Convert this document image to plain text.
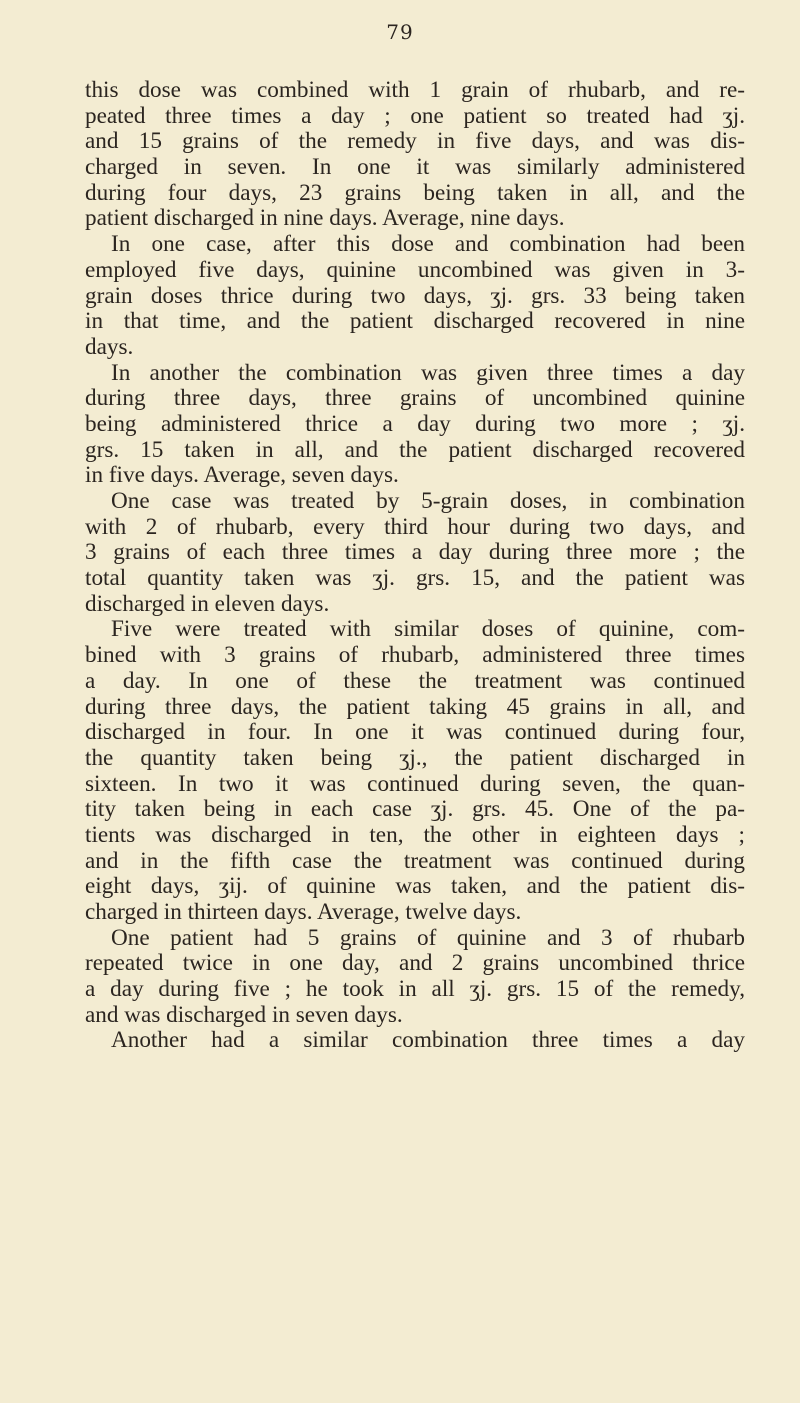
79

this dose was combined with 1 grain of rhubarb, and re-
peated three times a day ; one patient so treated had ʒj.
and 15 grains of the remedy in five days, and was dis-
charged in seven. In one it was similarly administered
during four days, 23 grains being taken in all, and the
patient discharged in nine days. Average, nine days.

In one case, after this dose and combination had been
employed five days, quinine uncombined was given in 3-
grain doses thrice during two days, ʒj. grs. 33 being taken
in that time, and the patient discharged recovered in nine
days.

In another the combination was given three times a day
during three days, three grains of uncombined quinine
being administered thrice a day during two more ; ʒj.
grs. 15 taken in all, and the patient discharged recovered
in five days. Average, seven days.

One case was treated by 5-grain doses, in combination
with 2 of rhubarb, every third hour during two days, and
3 grains of each three times a day during three more ; the
total quantity taken was ʒj. grs. 15, and the patient was
discharged in eleven days.

Five were treated with similar doses of quinine, com-
bined with 3 grains of rhubarb, administered three times
a day. In one of these the treatment was continued
during three days, the patient taking 45 grains in all, and
discharged in four. In one it was continued during four,
the quantity taken being ʒj., the patient discharged in
sixteen. In two it was continued during seven, the quan-
tity taken being in each case ʒj. grs. 45. One of the pa-
tients was discharged in ten, the other in eighteen days ;
and in the fifth case the treatment was continued during
eight days, ʒij. of quinine was taken, and the patient dis-
charged in thirteen days. Average, twelve days.

One patient had 5 grains of quinine and 3 of rhubarb
repeated twice in one day, and 2 grains uncombined thrice
a day during five ; he took in all ʒj. grs. 15 of the remedy,
and was discharged in seven days.

Another had a similar combination three times a day
